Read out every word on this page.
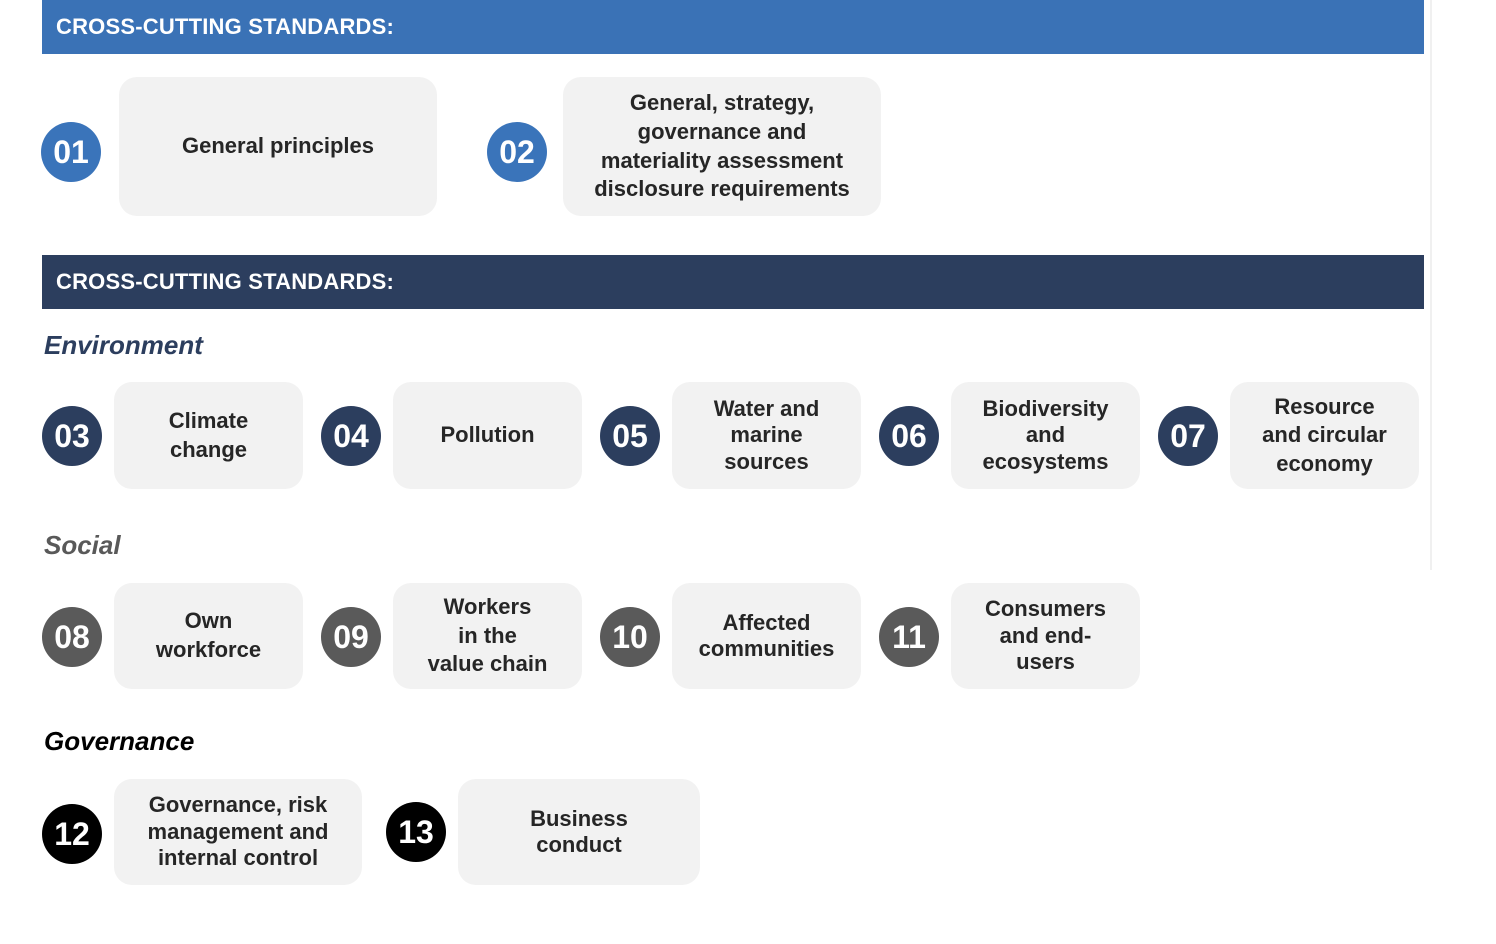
CROSS-CUTTING STANDARDS:
01	General principles	02
General, strategy,
governance and
materiality assessment
disclosure requirements
CROSS-CUTTING STANDARDS:
Environment
03	Climate
change	04	Pollution	05
Water and
marine
sources
06
Biodiversity
and
ecosystems
07
Resource
and circular
economy
Social
08	Own
workforce	09
Workers
in the
value chain
10	Affected
communities	11
Consumers
and end-
users
Governance
12
Governance, risk
management and
internal control
13	Business
conduct
